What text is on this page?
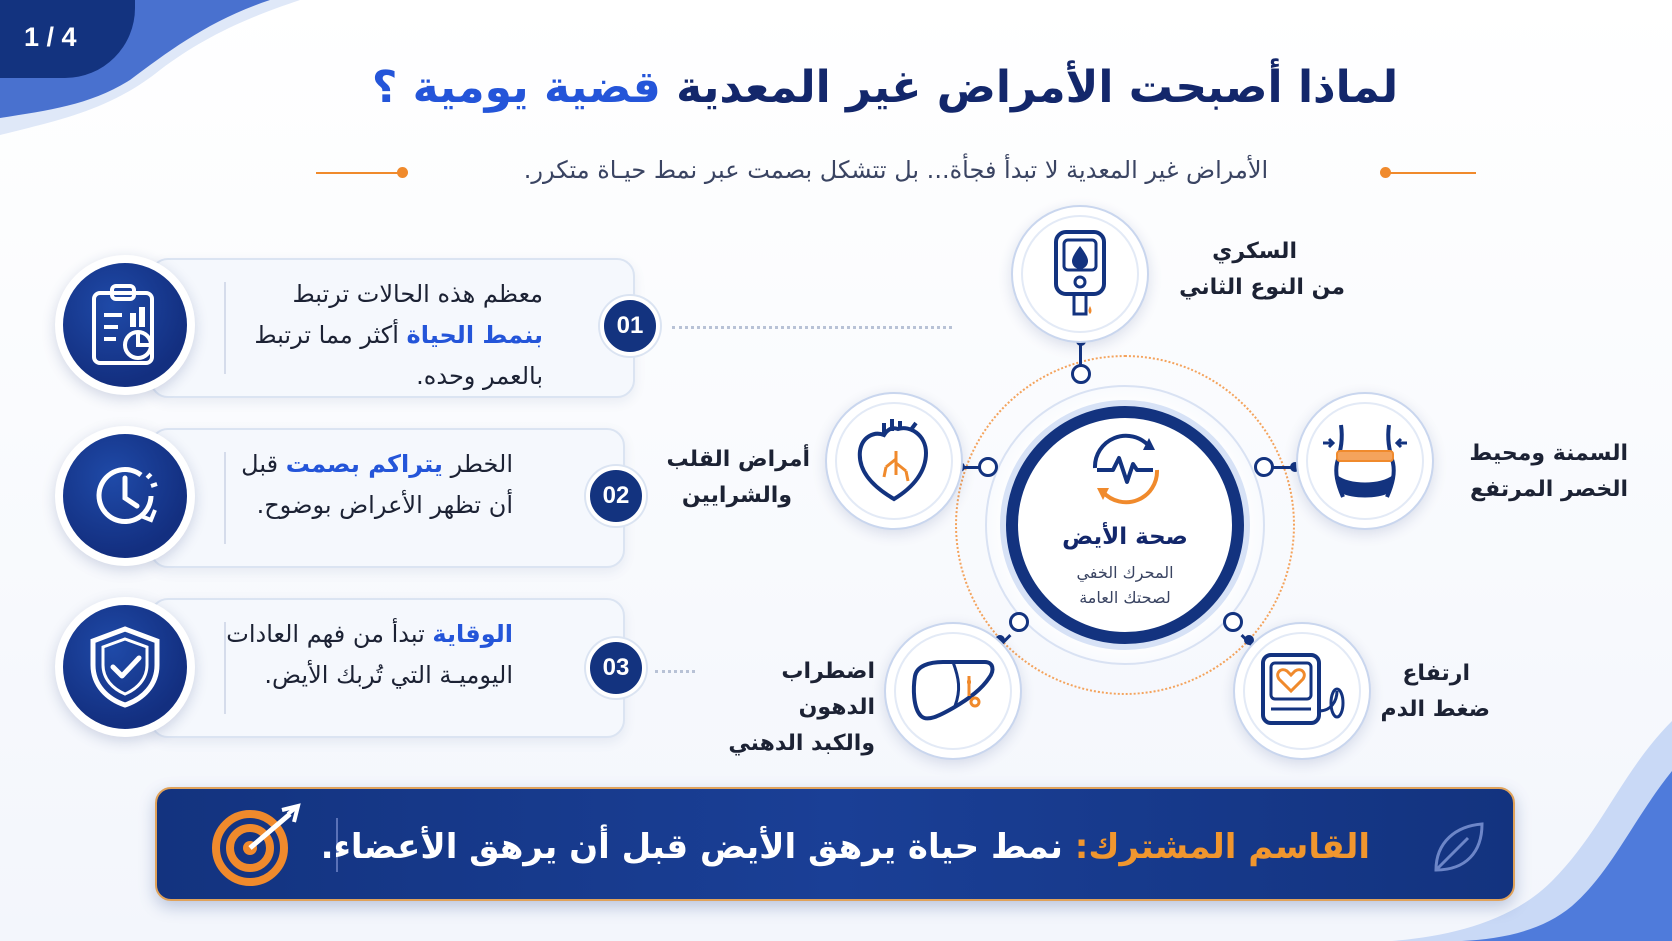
1 / 4
لماذا أصبحت الأمراض غير المعدية قضية يومية ؟
الأمراض غير المعدية لا تبدأ فجأة... بل تتشكل بصمت عبر نمط حيـاة متكرر.
معظم هذه الحالات ترتبط بنمط الحياة أكثر مما ترتبط بالعمر وحده.
01
الخطر يتراكم بصمت قبل أن تظهر الأعراض بوضوح.	02
الوقاية تبدأ من فهم العادات اليوميـة التي تُربك الأيض.	03
صحة الأيض
المحرك الخفي
لصحتك العامة
السكري
من النوع الثاني
أمراض القلب
والشرايين
السمنة ومحيط
الخصر المرتفع
اضطراب الدهون
والكبد الدهني
ارتفاع
ضغط الدم
القاسم المشترك: نمط حياة يرهق الأيض قبل أن يرهق الأعضاء.
